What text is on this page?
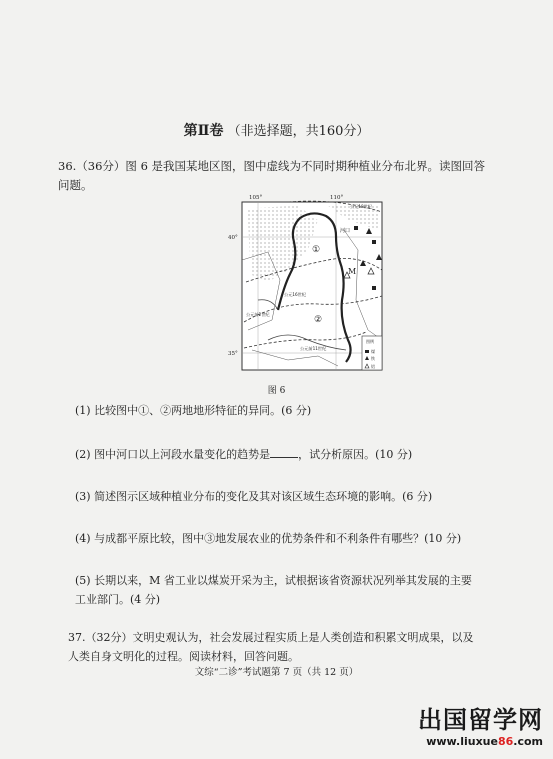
第Ⅱ卷 （非选择题，共160分）
36.（36分）图 6 是我国某地区图，图中虚线为不同时期种植业分布北界。读图回答
问题。
105°	110°
40°
35°
公元18世纪
公元16世纪
公元前2世纪
公元前11世纪
河口
M
①
②
图例
煤
铁
铝
图 6
(1) 比较图中①、②两地地形特征的异同。(6 分)
(2) 图中河口以上河段水量变化的趋势是	，试分析原因。(10 分)
(3) 简述图示区域种植业分布的变化及其对该区域生态环境的影响。(6 分)
(4) 与成都平原比较，图中③地发展农业的优势条件和不利条件有哪些？(10 分)
(5) 长期以来，M 省工业以煤炭开采为主，试根据该省资源状况列举其发展的主要
工业部门。(4 分)
37.（32分）文明史观认为，社会发展过程实质上是人类创造和积累文明成果，以及
人类自身文明化的过程。阅读材料，回答问题。
文综“二诊”考试题第 7 页（共 12 页）
出国留学网
www.liuxue86.com
